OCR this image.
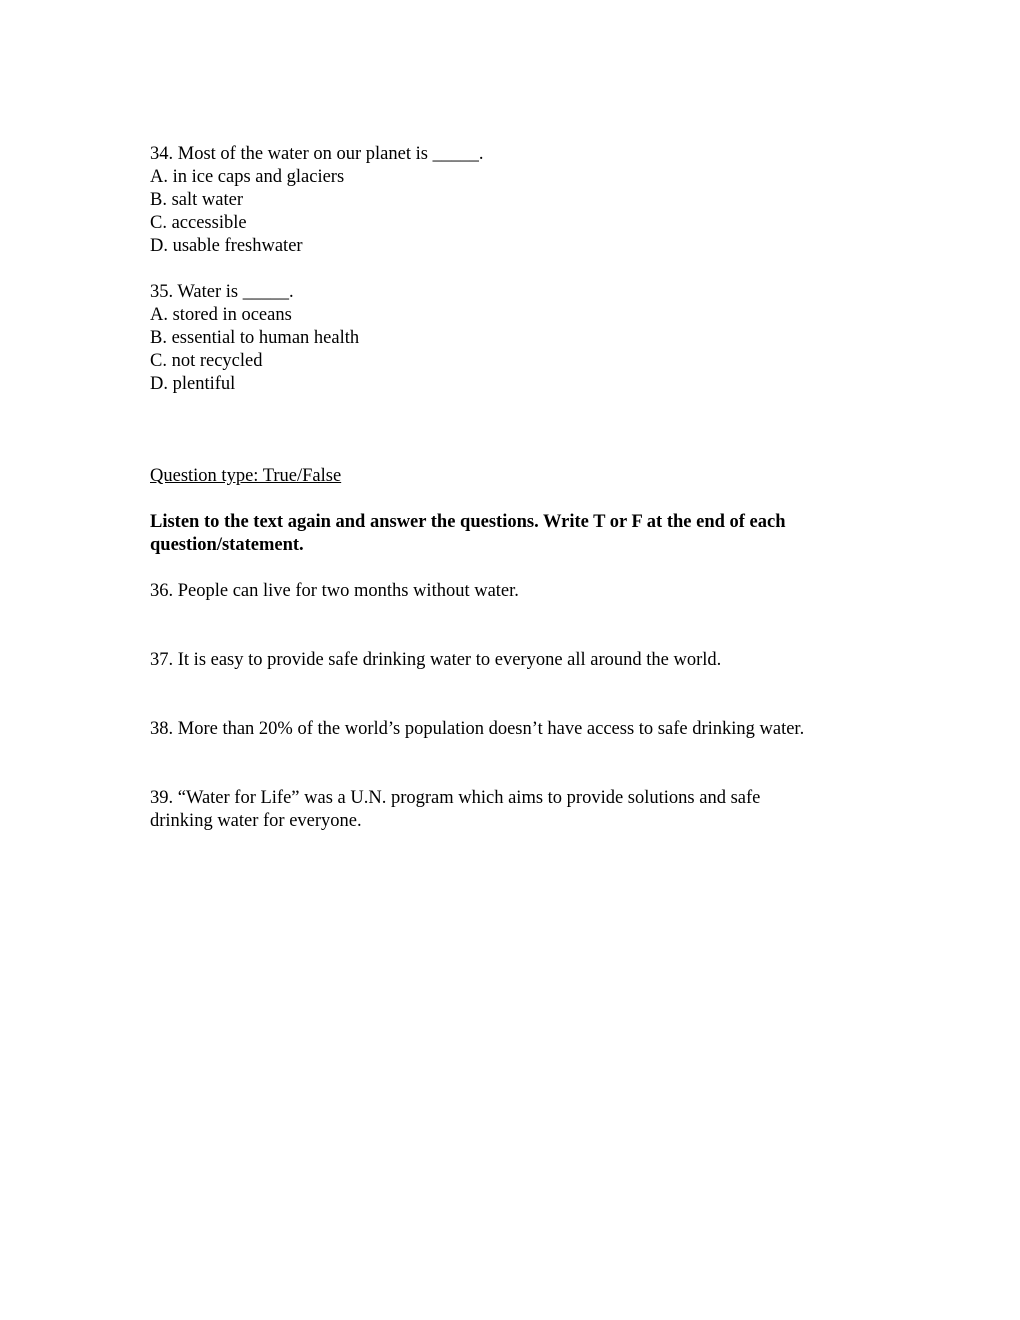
34. Most of the water on our planet is _____.
A. in ice caps and glaciers
B. salt water
C. accessible
D. usable freshwater
35. Water is _____.
A. stored in oceans
B. essential to human health
C. not recycled
D. plentiful
Question type: True/False
Listen to the text again and answer the questions. Write T or F at the end of each
question/statement.
36. People can live for two months without water.
37. It is easy to provide safe drinking water to everyone all around the world.
38. More than 20% of the world’s population doesn’t have access to safe drinking water.
39. “Water for Life” was a U.N. program which aims to provide solutions and safe
drinking water for everyone.
